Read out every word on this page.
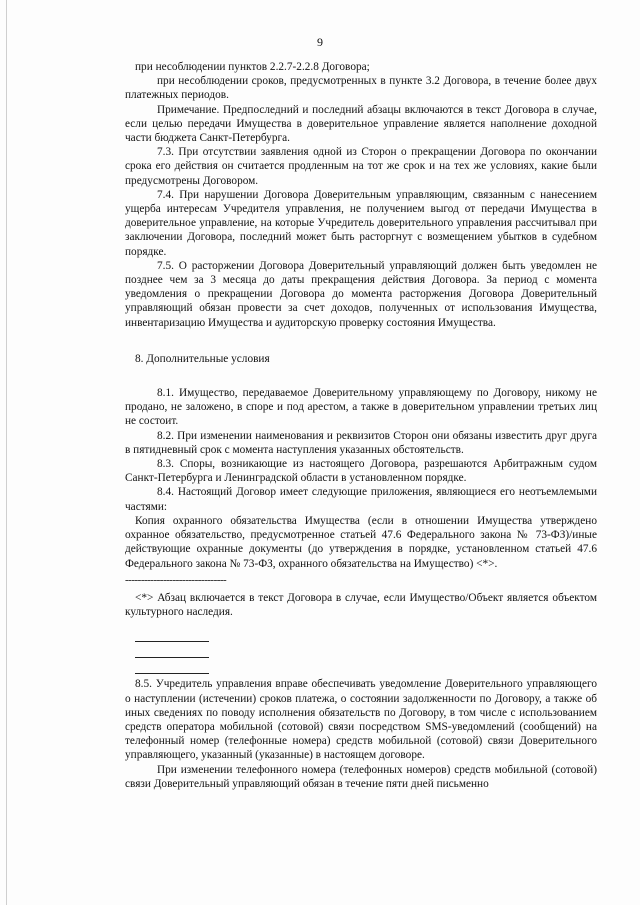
9

при несоблюдении пунктов 2.2.7-2.2.8 Договора;

при несоблюдении сроков, предусмотренных в пункте 3.2 Договора, в течение более двух платежных периодов.

Примечание. Предпоследний и последний абзацы включаются в текст Договора в случае, если целью передачи Имущества в доверительное управление является наполнение доходной части бюджета Санкт-Петербурга.

7.3. При отсутствии заявления одной из Сторон о прекращении Договора по окончании срока его действия он считается продленным на тот же срок и на тех же условиях, какие были предусмотрены Договором.

7.4. При нарушении Договора Доверительным управляющим, связанным с нанесением ущерба интересам Учредителя управления, не получением выгод от передачи Имущества в доверительное управление, на которые Учредитель доверительного управления рассчитывал при заключении Договора, последний может быть расторгнут с возмещением убытков в судебном порядке.

7.5. О расторжении Договора Доверительный управляющий должен быть уведомлен не позднее чем за 3 месяца до даты прекращения действия Договора. За период с момента уведомления о прекращении Договора до момента расторжения Договора Доверительный управляющий обязан провести за счет доходов, полученных от использования Имущества, инвентаризацию Имущества и аудиторскую проверку состояния Имущества.

8. Дополнительные условия

8.1. Имущество, передаваемое Доверительному управляющему по Договору, никому не продано, не заложено, в споре и под арестом, а также в доверительном управлении третьих лиц не состоит.

8.2. При изменении наименования и реквизитов Сторон они обязаны известить друг друга в пятидневный срок с момента наступления указанных обстоятельств.

8.3. Споры, возникающие из настоящего Договора, разрешаются Арбитражным судом Санкт-Петербурга и Ленинградской области в установленном порядке.

8.4. Настоящий Договор имеет следующие приложения, являющиеся его неотъемлемыми частями:

Копия охранного обязательства Имущества (если в отношении Имущества утверждено охранное обязательство, предусмотренное статьей 47.6 Федерального закона № 73-ФЗ)/иные действующие охранные документы (до утверждения в порядке, установленном статьей 47.6 Федерального закона № 73-ФЗ, охранного обязательства на Имущество) <*>.

--------------------------------

<*> Абзац включается в текст Договора в случае, если Имущество/Объект является объектом культурного наследия.

8.5. Учредитель управления вправе обеспечивать уведомление Доверительного управляющего о наступлении (истечении) сроков платежа, о состоянии задолженности по Договору, а также об иных сведениях по поводу исполнения обязательств по Договору, в том числе с использованием средств оператора мобильной (сотовой) связи посредством SMS-уведомлений (сообщений) на телефонный номер (телефонные номера) средств мобильной (сотовой) связи Доверительного управляющего, указанный (указанные) в настоящем договоре.

При изменении телефонного номера (телефонных номеров) средств мобильной (сотовой) связи Доверительный управляющий обязан в течение пяти дней письменно
